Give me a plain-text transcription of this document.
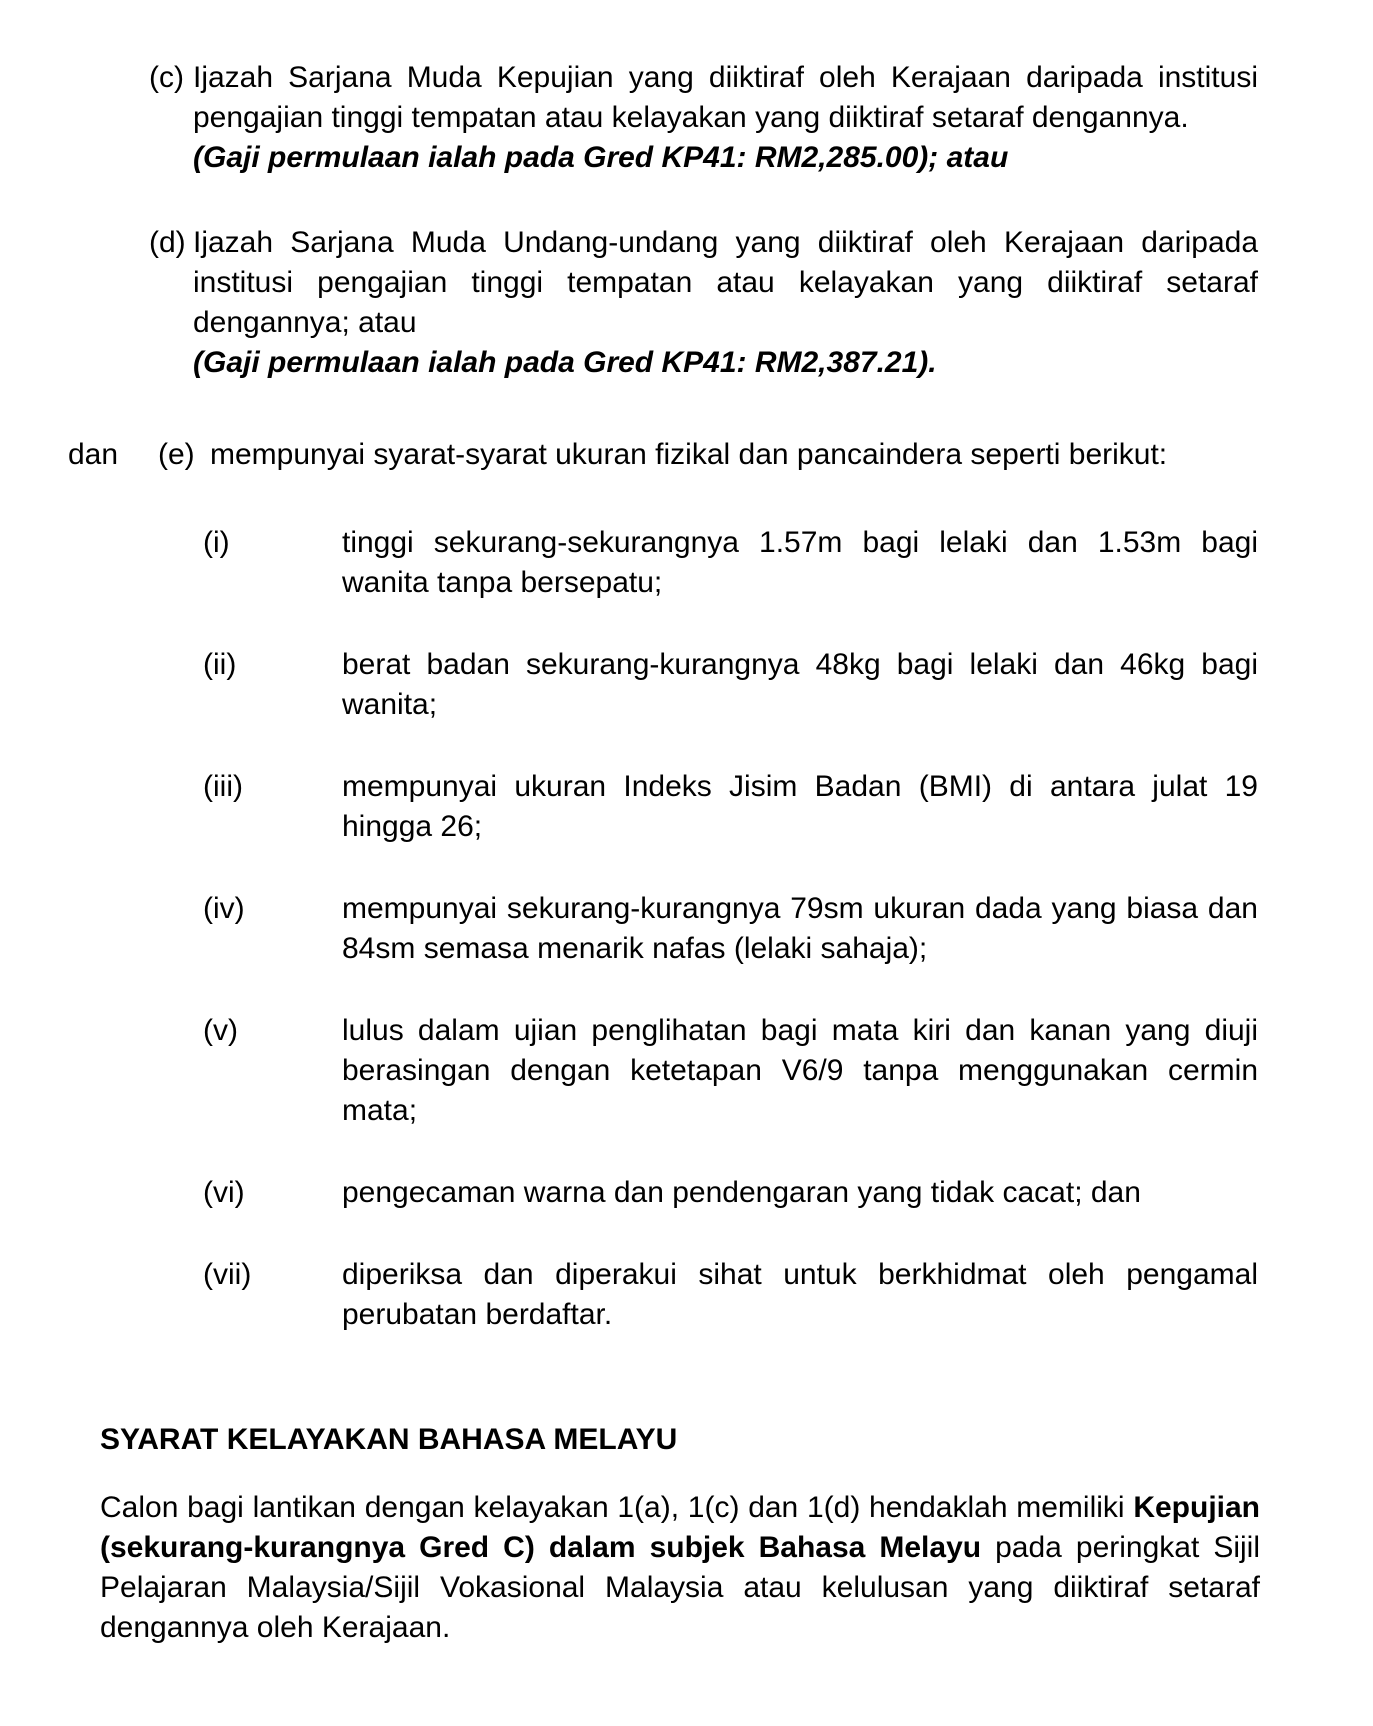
(c) Ijazah Sarjana Muda Kepujian yang diiktiraf oleh Kerajaan daripada institusi pengajian tinggi tempatan atau kelayakan yang diiktiraf setaraf dengannya.

(Gaji permulaan ialah pada Gred KP41: RM2,285.00); atau

(d) Ijazah Sarjana Muda Undang-undang yang diiktiraf oleh Kerajaan daripada institusi pengajian tinggi tempatan atau kelayakan yang diiktiraf setaraf dengannya; atau

(Gaji permulaan ialah pada Gred KP41: RM2,387.21).

dan (e) mempunyai syarat-syarat ukuran fizikal dan pancaindera seperti berikut:

(i)	tinggi sekurang-sekurangnya 1.57m bagi lelaki dan 1.53m bagi wanita tanpa bersepatu;

(ii)	berat badan sekurang-kurangnya 48kg bagi lelaki dan 46kg bagi wanita;

(iii)	mempunyai ukuran Indeks Jisim Badan (BMI) di antara julat 19 hingga 26;

(iv)	mempunyai sekurang-kurangnya 79sm ukuran dada yang biasa dan 84sm semasa menarik nafas (lelaki sahaja);

(v)	lulus dalam ujian penglihatan bagi mata kiri dan kanan yang diuji berasingan dengan ketetapan V6/9 tanpa menggunakan cermin mata;

(vi)	pengecaman warna dan pendengaran yang tidak cacat; dan

(vii)	diperiksa dan diperakui sihat untuk berkhidmat oleh pengamal perubatan berdaftar.

SYARAT KELAYAKAN BAHASA MELAYU

Calon bagi lantikan dengan kelayakan 1(a), 1(c) dan 1(d) hendaklah memiliki Kepujian (sekurang-kurangnya Gred C) dalam subjek Bahasa Melayu pada peringkat Sijil Pelajaran Malaysia/Sijil Vokasional Malaysia atau kelulusan yang diiktiraf setaraf dengannya oleh Kerajaan.
